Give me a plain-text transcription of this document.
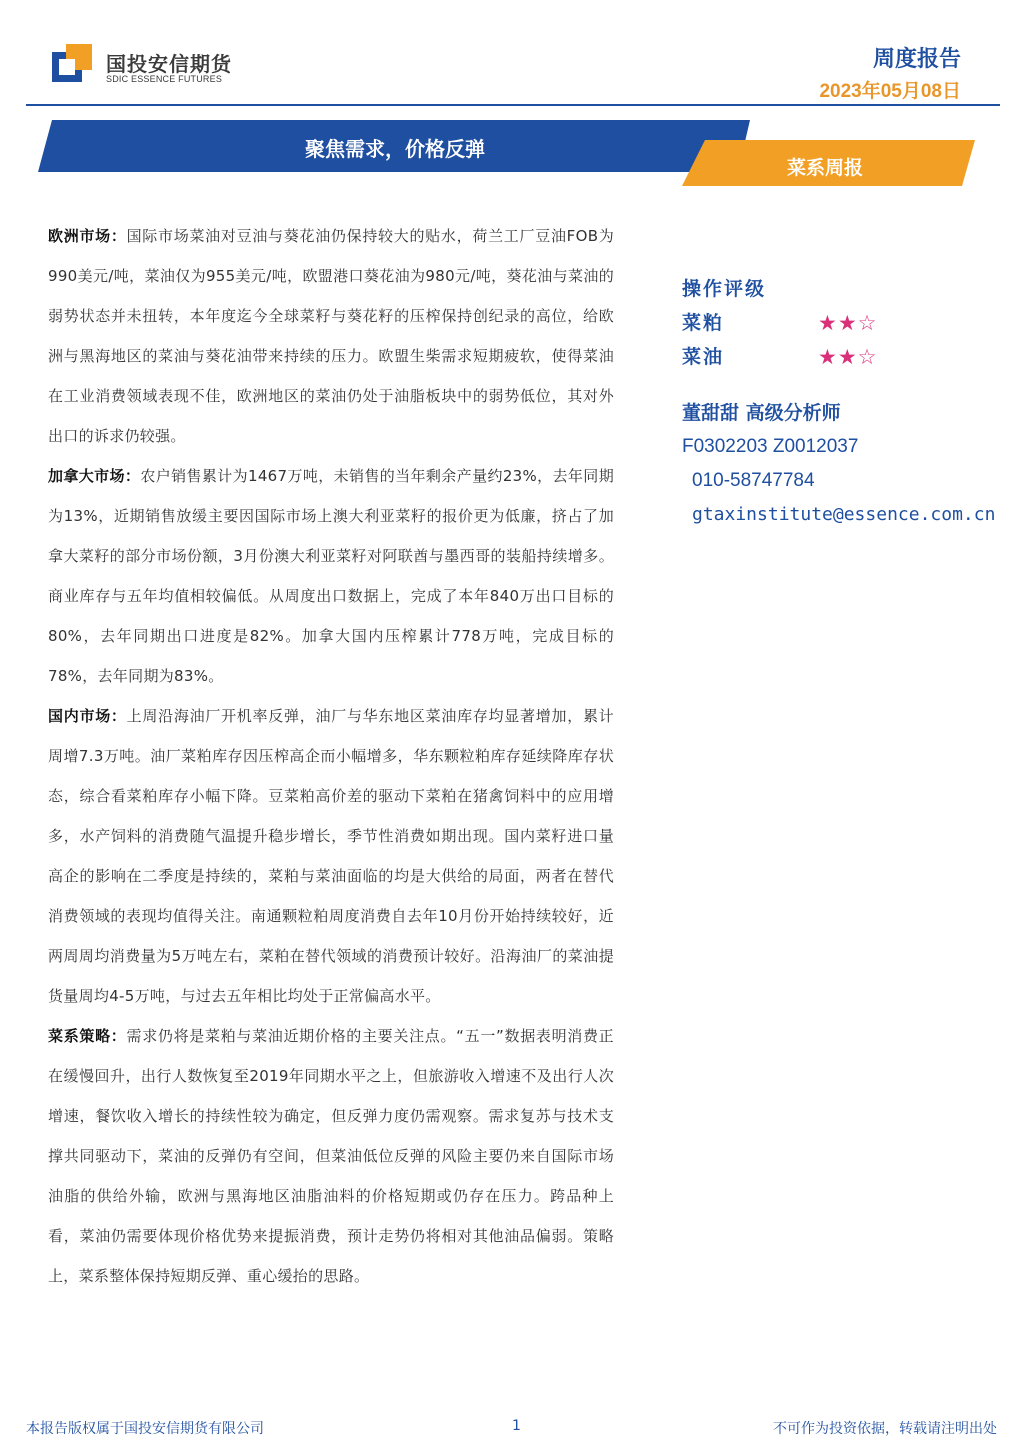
国投安信期货
SDIC ESSENCE FUTURES
周度报告
2023年05月08日
聚焦需求，价格反弹
菜系周报

欧洲市场：国际市场菜油对豆油与葵花油仍保持较大的贴水，荷兰工厂豆油FOB为990美元/吨，菜油仅为955美元/吨，欧盟港口葵花油为980元/吨，葵花油与菜油的弱势状态并未扭转，本年度迄今全球菜籽与葵花籽的压榨保持创纪录的高位，给欧洲与黑海地区的菜油与葵花油带来持续的压力。欧盟生柴需求短期疲软，使得菜油在工业消费领域表现不佳，欧洲地区的菜油仍处于油脂板块中的弱势低位，其对外出口的诉求仍较强。

加拿大市场：农户销售累计为1467万吨，未销售的当年剩余产量约23%，去年同期为13%，近期销售放缓主要因国际市场上澳大利亚菜籽的报价更为低廉，挤占了加拿大菜籽的部分市场份额，3月份澳大利亚菜籽对阿联酋与墨西哥的装船持续增多。商业库存与五年均值相较偏低。从周度出口数据上，完成了本年840万出口目标的80%，去年同期出口进度是82%。加拿大国内压榨累计778万吨，完成目标的78%，去年同期为83%。

国内市场：上周沿海油厂开机率反弹，油厂与华东地区菜油库存均显著增加，累计周增7.3万吨。油厂菜粕库存因压榨高企而小幅增多，华东颗粒粕库存延续降库存状态，综合看菜粕库存小幅下降。豆菜粕高价差的驱动下菜粕在猪禽饲料中的应用增多，水产饲料的消费随气温提升稳步增长，季节性消费如期出现。国内菜籽进口量高企的影响在二季度是持续的，菜粕与菜油面临的均是大供给的局面，两者在替代消费领域的表现均值得关注。南通颗粒粕周度消费自去年10月份开始持续较好，近两周周均消费量为5万吨左右，菜粕在替代领域的消费预计较好。沿海油厂的菜油提货量周均4-5万吨，与过去五年相比均处于正常偏高水平。

菜系策略：需求仍将是菜粕与菜油近期价格的主要关注点。“五一”数据表明消费正在缓慢回升，出行人数恢复至2019年同期水平之上，但旅游收入增速不及出行人次增速，餐饮收入增长的持续性较为确定，但反弹力度仍需观察。需求复苏与技术支撑共同驱动下，菜油的反弹仍有空间，但菜油低位反弹的风险主要仍来自国际市场油脂的供给外输，欧洲与黑海地区油脂油料的价格短期或仍存在压力。跨品种上看，菜油仍需要体现价格优势来提振消费，预计走势仍将相对其他油品偏弱。策略上，菜系整体保持短期反弹、重心缓抬的思路。

操作评级
菜粕	★★☆
菜油	★★☆
董甜甜 高级分析师
F0302203 Z0012037
010-58747784
gtaxinstitute@essence.com.cn
本报告版权属于国投安信期货有限公司	1	不可作为投资依据，转载请注明出处
